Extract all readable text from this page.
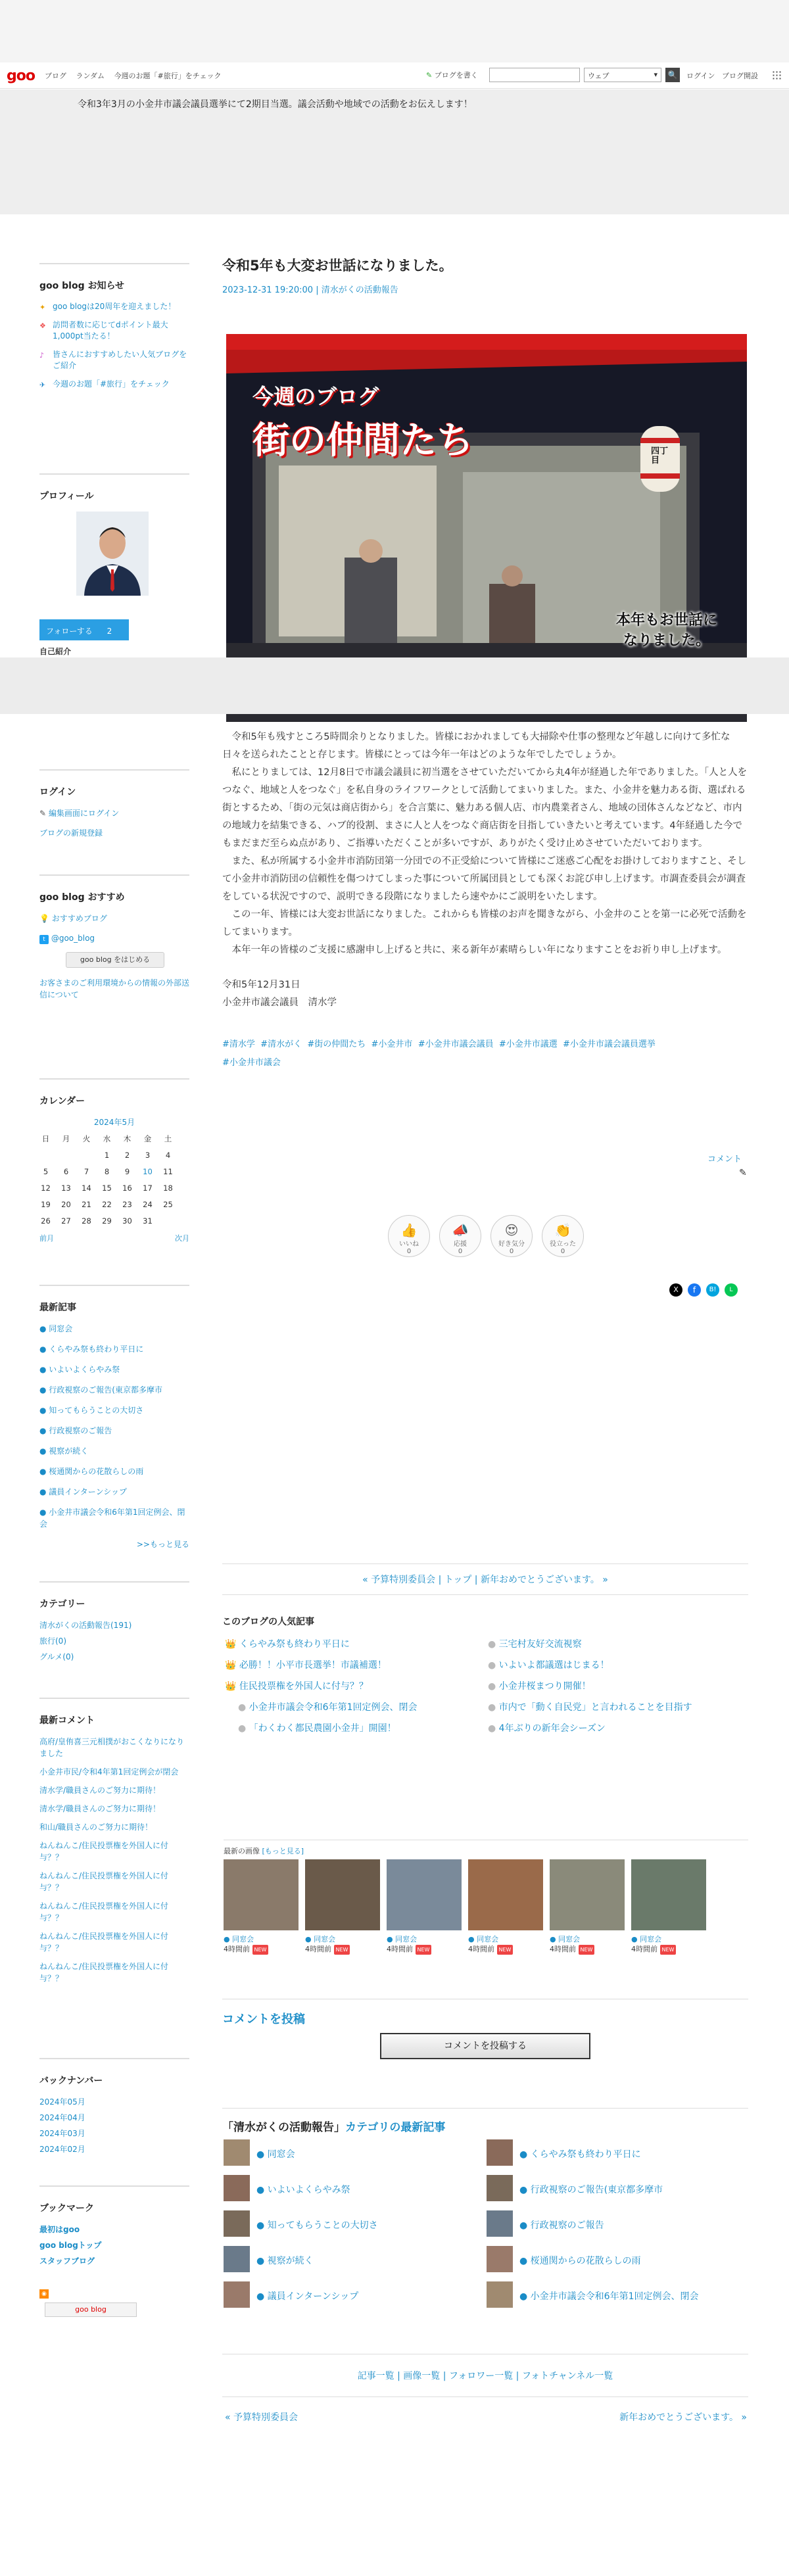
goo ブログ ランダム 今週のお題「#旅行」をチェック	✎ ブログを書く	ウェブ	▾ 🔍	ログイン ブログ開設
令和3年3月の小金井市議会議員選挙にて2期目当選。議会活動や地域での活動をお伝えします！
goo blog お知らせ
✦ goo blogは20周年を迎えました！
❖ 訪問者数に応じてdポイント最大1,000pt当たる！
♪ 皆さんにおすすめしたい人気ブログをご紹介
✈ 今週のお題「#旅行」をチェック
プロフィール
フォローする 2
自己紹介
ログイン
✎ 編集画面にログイン
ブログの新規登録
goo blog おすすめ
💡 おすすめブログ
t @goo_blog
goo blog をはじめる
お客さまのご利用環境からの情報の外部送信について
カレンダー
2024年5月
日	月	火	水	木	金	土
			1	2	3	4
5	6	7	8	9	10	11
12	13	14	15	16	17	18
19	20	21	22	23	24	25
26	27	28	29	30	31	
前月	次月
最新記事
● 同窓会
● くらやみ祭も終わり平日に
● いよいよくらやみ祭
● 行政視察のご報告(東京都多摩市
● 知ってもらうことの大切さ
● 行政視察のご報告
● 視察が続く
● 桜通関からの花散らしの雨
● 議員インターンシップ
● 小金井市議会令和6年第1回定例会、閉会
>>もっと見る
カテゴリー
清水がくの活動報告(191)
旅行(0)
グルメ(0)
最新コメント
高府/皇侑喜三元相撲がおこくなりになりました
小金井市民/令和4年第1回定例会が閉会
清水学/職員さんのご努力に期待！
清水学/職員さんのご努力に期待！
和山/職員さんのご努力に期待！
ねんねんこ/住民投票権を外国人に付与？？
ねんねんこ/住民投票権を外国人に付与？？
ねんねんこ/住民投票権を外国人に付与？？
ねんねんこ/住民投票権を外国人に付与？？
ねんねんこ/住民投票権を外国人に付与？？
バックナンバー
2024年05月
2024年04月
2024年03月
2024年02月
ブックマーク
最初はgoo
goo blogトップ
スタッフブログ
◉
goo blog
令和5年も大変お世話になりました。
2023-12-31 19:20:00 | 清水がくの活動報告
今週のブログ
街の仲間たち	四丁目
本年もお世話に
なりました。

令和5年も残すところ5時間余りとなりました。皆様におかれましても大掃除や仕事の整理など年越しに向けて多忙な日々を送られたことと存じます。皆様にとっては今年一年はどのような年でしたでしょうか。

私にとりましては、12月8日で市議会議員に初当選をさせていただいてから丸4年が経過した年でありました。「人と人をつなぐ、地域と人をつなぐ」を私自身のライフワークとして活動してまいりました。また、小金井を魅力ある街、選ばれる街とするため、「街の元気は商店街から」を合言葉に、魅力ある個人店、市内農業者さん、地域の団体さんなどなど、市内の地域力を結集できる、ハブ的役割、まさに人と人をつなぐ商店街を目指していきたいと考えています。4年経過した今でもまだまだ至らぬ点があり、ご指導いただくことが多いですが、ありがたく受け止めさせていただいております。

また、私が所属する小金井市消防団第一分団での不正受給について皆様にご迷惑ご心配をお掛けしておりますこと、そして小金井市消防団の信頼性を傷つけてしまった事について所属団員としても深くお詫び申し上げます。市調査委員会が調査をしている状況ですので、説明できる段階になりましたら速やかにご説明をいたします。

この一年、皆様には大変お世話になりました。これからも皆様のお声を聞きながら、小金井のことを第一に必死で活動をしてまいります。

本年一年の皆様のご支援に感謝申し上げると共に、来る新年が素晴らしい年になりますことをお祈り申し上げます。

令和5年12月31日

小金井市議会議員　清水学

#清水学 #清水がく #街の仲間たち #小金井市 #小金井市議会議員 #小金井市議選 #小金井市議会議員選挙
#小金井市議会
コメント
✎
👍
いいね
0
📣
応援
0
😍
好き気分
0
👏
役立った
0
X	f	B!	L
« 予算特別委員会 | トップ | 新年おめでとうございます。 »
このブログの人気記事
👑 くらやみ祭も終わり平日に
👑 必勝！！小平市長選挙！市議補選！
👑 住民投票権を外国人に付与？？
● 小金井市議会令和6年第1回定例会、閉会
● 「わくわく都民農園小金井」開園！
● 三宅村友好交流視察
● いよいよ都議選はじまる！
● 小金井桜まつり開催！
● 市内で「動く自民党」と言われることを目指す
● 4年ぶりの新年会シーズン
最新の画像 [もっと見る]
● 同窓会
4時間前 NEW
● 同窓会
4時間前 NEW
● 同窓会
4時間前 NEW
● 同窓会
4時間前 NEW
● 同窓会
4時間前 NEW
● 同窓会
4時間前 NEW
コメントを投稿
コメントを投稿する
「清水がくの活動報告」カテゴリの最新記事
● 同窓会
● いよいよくらやみ祭
● 知ってもらうことの大切さ
● 視察が続く
● 議員インターンシップ
● くらやみ祭も終わり平日に
● 行政視察のご報告(東京都多摩市
● 行政視察のご報告
● 桜通関からの花散らしの雨
● 小金井市議会令和6年第1回定例会、閉会
記事一覧 | 画像一覧 | フォロワー一覧 | フォトチャンネル一覧
« 予算特別委員会	新年おめでとうございます。 »
